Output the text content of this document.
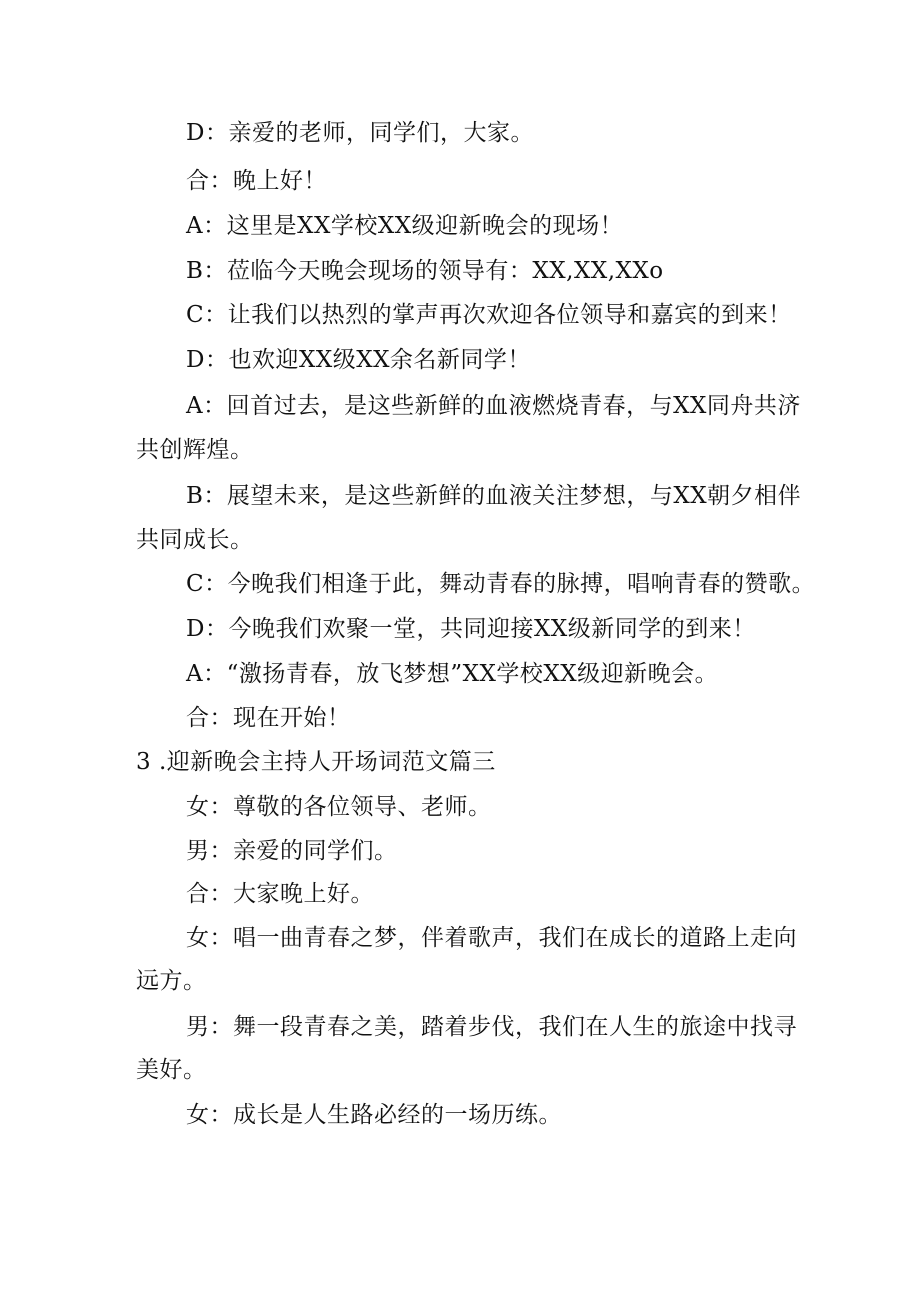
D：亲爱的老师，同学们，大家。
合：晚上好！
A：这里是XX学校XX级迎新晚会的现场！
B：莅临今天晚会现场的领导有：XX,XX,XXo
C：让我们以热烈的掌声再次欢迎各位领导和嘉宾的到来！
D：也欢迎XX级XX余名新同学！
A：回首过去，是这些新鲜的血液燃烧青春，与XX同舟共济
共创辉煌。
B：展望未来，是这些新鲜的血液关注梦想，与XX朝夕相伴
共同成长。
C：今晚我们相逢于此，舞动青春的脉搏，唱响青春的赞歌。
D：今晚我们欢聚一堂，共同迎接XX级新同学的到来！
A：“激扬青春，放飞梦想”XX学校XX级迎新晚会。
合：现在开始！
3 .迎新晚会主持人开场词范文篇三
女：尊敬的各位领导、老师。
男：亲爱的同学们。
合：大家晚上好。
女：唱一曲青春之梦，伴着歌声，我们在成长的道路上走向
远方。
男：舞一段青春之美，踏着步伐，我们在人生的旅途中找寻
美好。
女：成长是人生路必经的一场历练。
